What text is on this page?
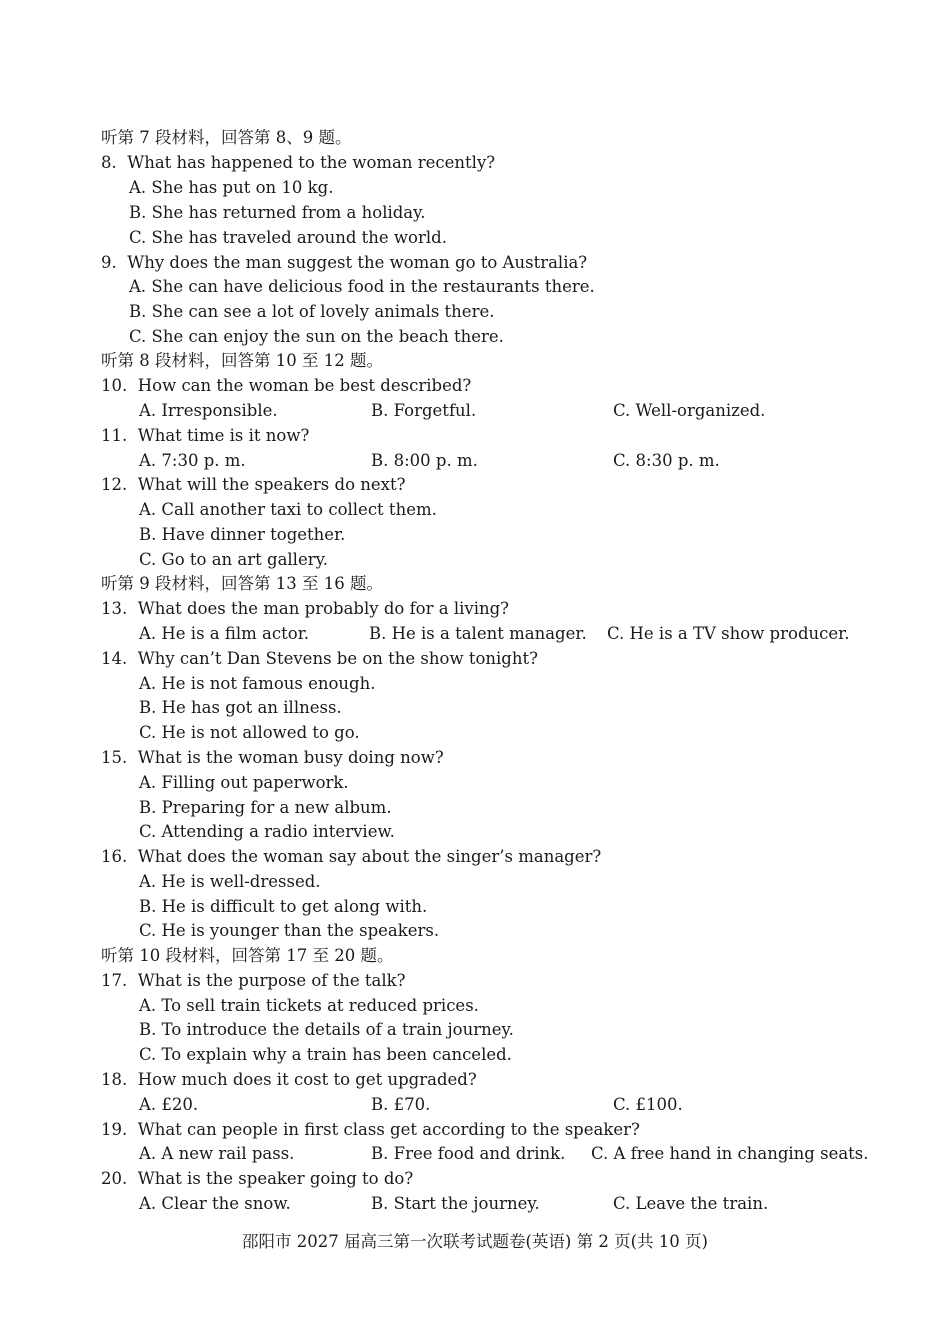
听第 7 段材料，回答第 8、9 题。
8. What has happened to the woman recently?
A. She has put on 10 kg.
B. She has returned from a holiday.
C. She has traveled around the world.
9. Why does the man suggest the woman go to Australia?
A. She can have delicious food in the restaurants there.
B. She can see a lot of lovely animals there.
C. She can enjoy the sun on the beach there.
听第 8 段材料，回答第 10 至 12 题。
10. How can the woman be best described?
A. Irresponsible.	B. Forgetful.	C. Well-organized.
11. What time is it now?
A. 7:30 p. m.	B. 8:00 p. m.	C. 8:30 p. m.
12. What will the speakers do next?
A. Call another taxi to collect them.
B. Have dinner together.
C. Go to an art gallery.
听第 9 段材料，回答第 13 至 16 题。
13. What does the man probably do for a living?
A. He is a film actor.	B. He is a talent manager. C. He is a TV show producer.
14. Why can’t Dan Stevens be on the show tonight?
A. He is not famous enough.
B. He has got an illness.
C. He is not allowed to go.
15. What is the woman busy doing now?
A. Filling out paperwork.
B. Preparing for a new album.
C. Attending a radio interview.
16. What does the woman say about the singer’s manager?
A. He is well-dressed.
B. He is difficult to get along with.
C. He is younger than the speakers.
听第 10 段材料，回答第 17 至 20 题。
17. What is the purpose of the talk?
A. To sell train tickets at reduced prices.
B. To introduce the details of a train journey.
C. To explain why a train has been canceled.
18. How much does it cost to get upgraded?
A. £20.	B. £70.	C. £100.
19. What can people in first class get according to the speaker?
A. A new rail pass.	B. Free food and drink. C. A free hand in changing seats.
20. What is the speaker going to do?
A. Clear the snow.	B. Start the journey.	C. Leave the train.
邵阳市 2027 届高三第一次联考试题卷(英语) 第 2 页(共 10 页)
